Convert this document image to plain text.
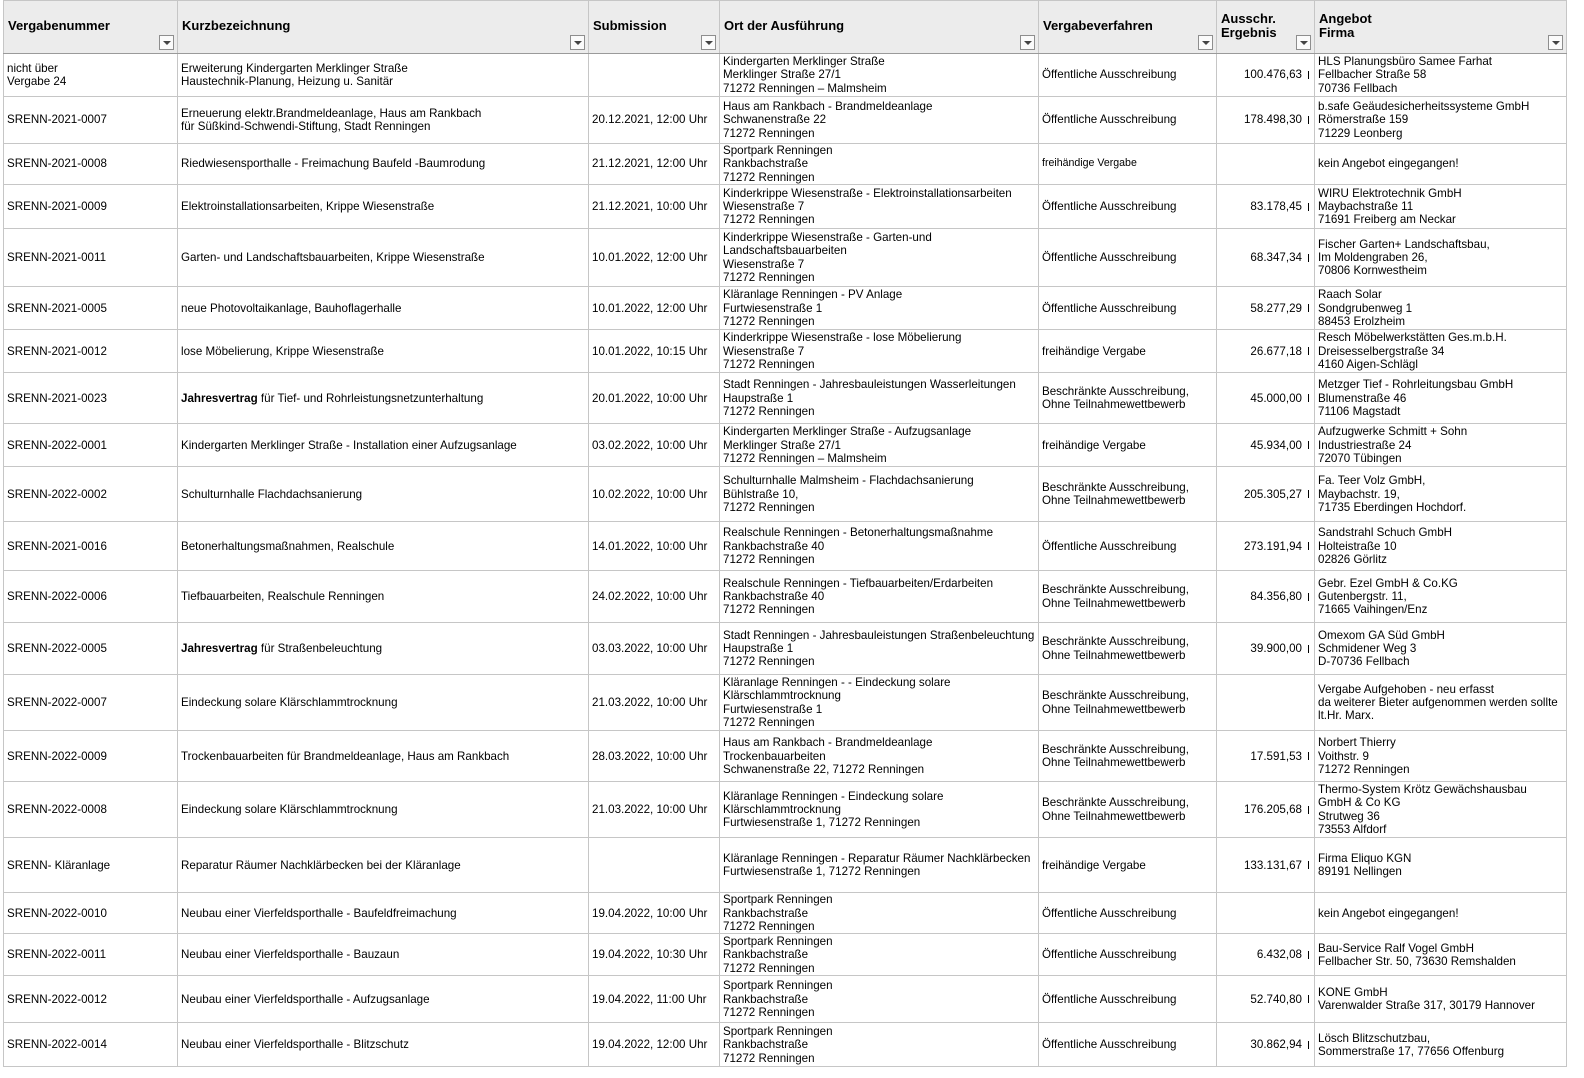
Vergabenummer	Kurzbezeichnung	Submission	Ort der Ausführung	Vergabeverfahren	Ausschr.
Ergebnis	Angebot
Firma

nicht über
Vergabe 24	Erweiterung Kindergarten Merklinger Straße
Haustechnik-Planung, Heizung u. Sanitär		Kindergarten Merklinger Straße
Merklinger Straße 27/1
71272 Renningen – Malmsheim	Öffentliche Ausschreibung	100.476,63	HLS Planungsbüro Samee Farhat
Fellbacher Straße 58
70736 Fellbach
SRENN-2021-0007	Erneuerung elektr.Brandmeldeanlage, Haus am Rankbach
für Süßkind-Schwendi-Stiftung, Stadt Renningen	20.12.2021, 12:00 Uhr	Haus am Rankbach - Brandmeldeanlage
Schwanenstraße 22
71272 Renningen	Öffentliche Ausschreibung	178.498,30	b.safe Geäudesicherheitssysteme GmbH
Römerstraße 159
71229 Leonberg
SRENN-2021-0008	Riedwiesensporthalle - Freimachung Baufeld -Baumrodung	21.12.2021, 12:00 Uhr	Sportpark Renningen
Rankbachstraße
71272 Renningen	freihändige Vergabe		kein Angebot eingegangen!
SRENN-2021-0009	Elektroinstallationsarbeiten, Krippe Wiesenstraße	21.12.2021, 10:00 Uhr	Kinderkrippe Wiesenstraße - Elektroinstallationsarbeiten
Wiesenstraße 7
71272 Renningen	Öffentliche Ausschreibung	83.178,45	WIRU Elektrotechnik GmbH
Maybachstraße 11
71691 Freiberg am Neckar
SRENN-2021-0011	Garten- und Landschaftsbauarbeiten, Krippe Wiesenstraße	10.01.2022, 12:00 Uhr	Kinderkrippe Wiesenstraße - Garten-und
Landschaftsbauarbeiten
Wiesenstraße 7
71272 Renningen	Öffentliche Ausschreibung	68.347,34	Fischer Garten+ Landschaftsbau,
Im Moldengraben 26,
70806 Kornwestheim
SRENN-2021-0005	neue Photovoltaikanlage, Bauhoflagerhalle	10.01.2022, 12:00 Uhr	Kläranlage Renningen - PV Anlage
Furtwiesenstraße 1
71272 Renningen	Öffentliche Ausschreibung	58.277,29	Raach Solar
Sondgrubenweg 1
88453 Erolzheim
SRENN-2021-0012	lose Möbelierung, Krippe Wiesenstraße	10.01.2022, 10:15 Uhr	Kinderkrippe Wiesenstraße - lose Möbelierung
Wiesenstraße 7
71272 Renningen	freihändige Vergabe	26.677,18	Resch Möbelwerkstätten Ges.m.b.H.
Dreisesselbergstraße 34
4160 Aigen-Schlägl
SRENN-2021-0023	Jahresvertrag für Tief- und Rohrleistungsnetzunterhaltung	20.01.2022, 10:00 Uhr	Stadt Renningen - Jahresbauleistungen Wasserleitungen
Haupstraße 1
71272 Renningen	Beschränkte Ausschreibung,
Ohne Teilnahmewettbewerb	45.000,00	Metzger Tief - Rohrleitungsbau GmbH
Blumenstraße 46
71106 Magstadt
SRENN-2022-0001	Kindergarten Merklinger Straße - Installation einer Aufzugsanlage	03.02.2022, 10:00 Uhr	Kindergarten Merklinger Straße - Aufzugsanlage
Merklinger Straße 27/1
71272 Renningen – Malmsheim	freihändige Vergabe	45.934,00	Aufzugwerke Schmitt + Sohn
Industriestraße 24
72070 Tübingen
SRENN-2022-0002	Schulturnhalle Flachdachsanierung	10.02.2022, 10:00 Uhr	Schulturnhalle Malmsheim - Flachdachsanierung
Bühlstraße 10,
71272 Renningen	Beschränkte Ausschreibung,
Ohne Teilnahmewettbewerb	205.305,27	Fa. Teer Volz GmbH,
Maybachstr. 19,
71735 Eberdingen Hochdorf.
SRENN-2021-0016	Betonerhaltungsmaßnahmen, Realschule	14.01.2022, 10:00 Uhr	Realschule Renningen - Betonerhaltungsmaßnahme
Rankbachstraße 40
71272 Renningen	Öffentliche Ausschreibung	273.191,94	Sandstrahl Schuch GmbH
Holteistraße 10
02826 Görlitz
SRENN-2022-0006	Tiefbauarbeiten, Realschule Renningen	24.02.2022, 10:00 Uhr	Realschule Renningen - Tiefbauarbeiten/Erdarbeiten
Rankbachstraße 40
71272 Renningen	Beschränkte Ausschreibung,
Ohne Teilnahmewettbewerb	84.356,80	Gebr. Ezel GmbH & Co.KG
Gutenbergstr. 11,
71665 Vaihingen/Enz
SRENN-2022-0005	Jahresvertrag für Straßenbeleuchtung	03.03.2022, 10:00 Uhr	Stadt Renningen - Jahresbauleistungen Straßenbeleuchtung
Haupstraße 1
71272 Renningen	Beschränkte Ausschreibung,
Ohne Teilnahmewettbewerb	39.900,00	Omexom GA Süd GmbH
Schmidener Weg 3
D-70736 Fellbach
SRENN-2022-0007	Eindeckung solare Klärschlammtrocknung	21.03.2022, 10:00 Uhr	Kläranlage Renningen - - Eindeckung solare
Klärschlammtrocknung
Furtwiesenstraße 1
71272 Renningen	Beschränkte Ausschreibung,
Ohne Teilnahmewettbewerb		Vergabe Aufgehoben - neu erfasst
da weiterer Bieter aufgenommen werden sollte
lt.Hr. Marx.
SRENN-2022-0009	Trockenbauarbeiten für Brandmeldeanlage, Haus am Rankbach	28.03.2022, 10:00 Uhr	Haus am Rankbach - Brandmeldeanlage
Trockenbauarbeiten
Schwanenstraße 22, 71272 Renningen	Beschränkte Ausschreibung,
Ohne Teilnahmewettbewerb	17.591,53	Norbert Thierry
Voithstr. 9
71272 Renningen
SRENN-2022-0008	Eindeckung solare Klärschlammtrocknung	21.03.2022, 10:00 Uhr	Kläranlage Renningen - Eindeckung solare
Klärschlammtrocknung
Furtwiesenstraße 1, 71272 Renningen	Beschränkte Ausschreibung,
Ohne Teilnahmewettbewerb	176.205,68	Thermo-System Krötz Gewächshausbau
GmbH & Co KG
Strutweg 36
73553 Alfdorf
SRENN- Kläranlage	Reparatur Räumer Nachklärbecken bei der Kläranlage		Kläranlage Renningen - Reparatur Räumer Nachklärbecken
Furtwiesenstraße 1, 71272 Renningen	freihändige Vergabe	133.131,67	Firma Eliquo KGN
89191 Nellingen
SRENN-2022-0010	Neubau einer Vierfeldsporthalle - Baufeldfreimachung	19.04.2022, 10:00 Uhr	Sportpark Renningen
Rankbachstraße
71272 Renningen	Öffentliche Ausschreibung		kein Angebot eingegangen!
SRENN-2022-0011	Neubau einer Vierfeldsporthalle - Bauzaun	19.04.2022, 10:30 Uhr	Sportpark Renningen
Rankbachstraße
71272 Renningen	Öffentliche Ausschreibung	6.432,08	Bau-Service Ralf Vogel GmbH
Fellbacher Str. 50, 73630 Remshalden
SRENN-2022-0012	Neubau einer Vierfeldsporthalle - Aufzugsanlage	19.04.2022, 11:00 Uhr	Sportpark Renningen
Rankbachstraße
71272 Renningen	Öffentliche Ausschreibung	52.740,80	KONE GmbH
Varenwalder Straße 317, 30179 Hannover
SRENN-2022-0014	Neubau einer Vierfeldsporthalle - Blitzschutz	19.04.2022, 12:00 Uhr	Sportpark Renningen
Rankbachstraße
71272 Renningen	Öffentliche Ausschreibung	30.862,94	Lösch Blitzschutzbau,
Sommerstraße 17, 77656 Offenburg
